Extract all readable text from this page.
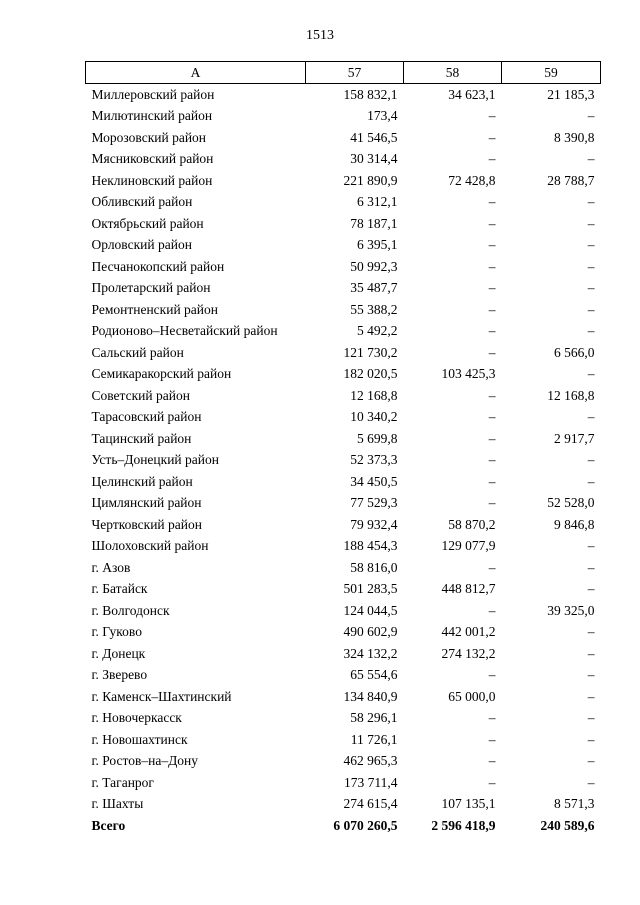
1513
А	57	58	59
Миллеровский район	158 832,1	34 623,1	21 185,3
Милютинский район	173,4	–	–
Морозовский район	41 546,5	–	8 390,8
Мясниковский район	30 314,4	–	–
Неклиновский район	221 890,9	72 428,8	28 788,7
Обливский район	6 312,1	–	–
Октябрьский район	78 187,1	–	–
Орловский район	6 395,1	–	–
Песчанокопский район	50 992,3	–	–
Пролетарский район	35 487,7	–	–
Ремонтненский район	55 388,2	–	–
Родионово–Несветайский район	5 492,2	–	–
Сальский район	121 730,2	–	6 566,0
Семикаракорский район	182 020,5	103 425,3	–
Советский район	12 168,8	–	12 168,8
Тарасовский район	10 340,2	–	–
Тацинский район	5 699,8	–	2 917,7
Усть–Донецкий район	52 373,3	–	–
Целинский район	34 450,5	–	–
Цимлянский район	77 529,3	–	52 528,0
Чертковский район	79 932,4	58 870,2	9 846,8
Шолоховский район	188 454,3	129 077,9	–
г. Азов	58 816,0	–	–
г. Батайск	501 283,5	448 812,7	–
г. Волгодонск	124 044,5	–	39 325,0
г. Гуково	490 602,9	442 001,2	–
г. Донецк	324 132,2	274 132,2	–
г. Зверево	65 554,6	–	–
г. Каменск–Шахтинский	134 840,9	65 000,0	–
г. Новочеркасск	58 296,1	–	–
г. Новошахтинск	11 726,1	–	–
г. Ростов–на–Дону	462 965,3	–	–
г. Таганрог	173 711,4	–	–
г. Шахты	274 615,4	107 135,1	8 571,3
Всего	6 070 260,5	2 596 418,9	240 589,6
